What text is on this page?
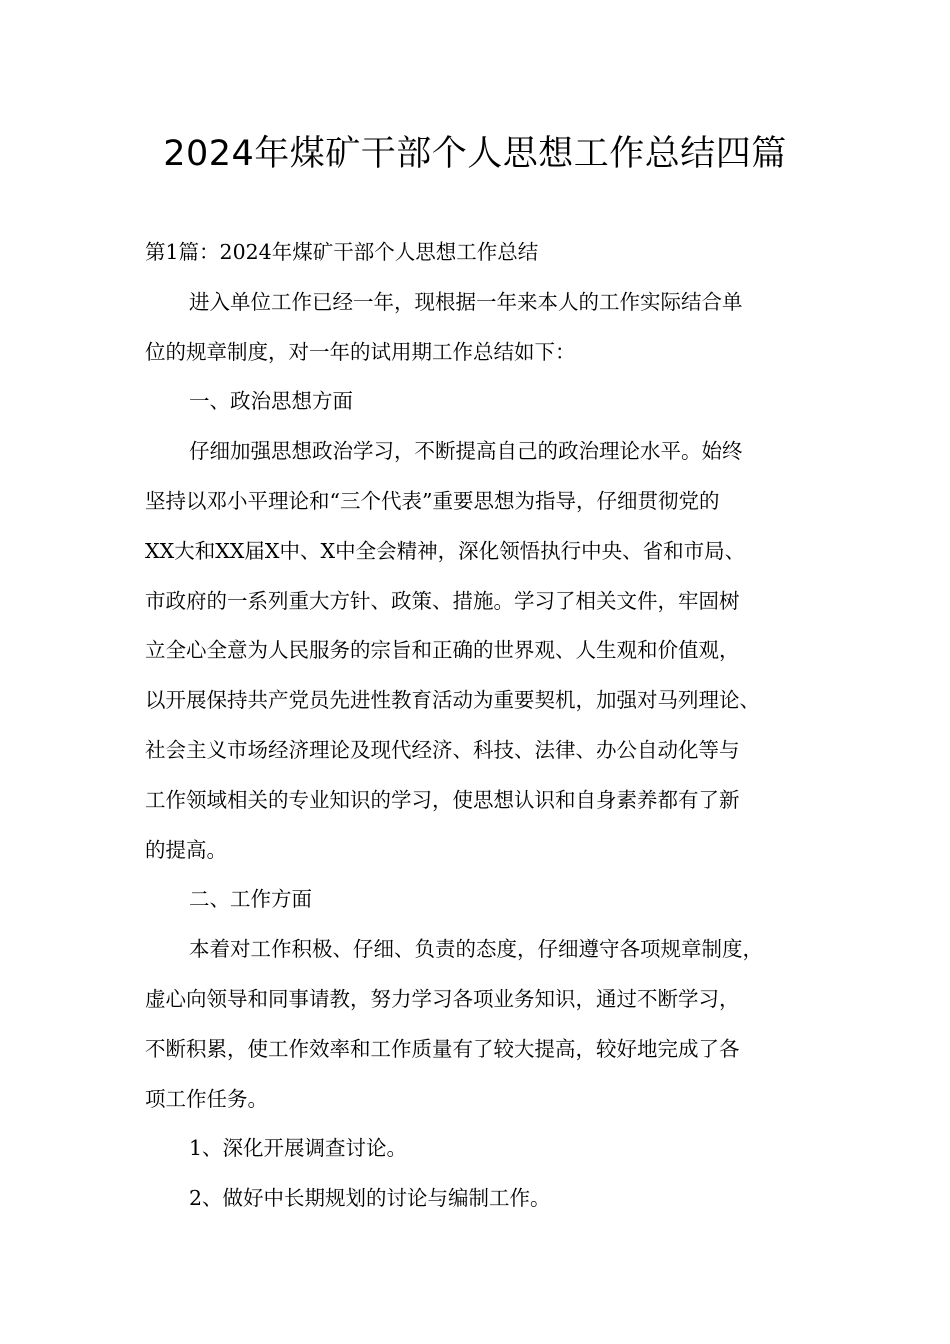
2024年煤矿干部个人思想工作总结四篇
第1篇：2024年煤矿干部个人思想工作总结
进入单位工作已经一年，现根据一年来本人的工作实际结合单
位的规章制度，对一年的试用期工作总结如下：
一、政治思想方面
仔细加强思想政治学习，不断提高自己的政治理论水平。始终
坚持以邓小平理论和“三个代表”重要思想为指导，仔细贯彻党的
XX大和XX届X中、X中全会精神，深化领悟执行中央、省和市局、
市政府的一系列重大方针、政策、措施。学习了相关文件，牢固树
立全心全意为人民服务的宗旨和正确的世界观、人生观和价值观，
以开展保持共产党员先进性教育活动为重要契机，加强对马列理论、
社会主义市场经济理论及现代经济、科技、法律、办公自动化等与
工作领域相关的专业知识的学习，使思想认识和自身素养都有了新
的提高。
二、工作方面
本着对工作积极、仔细、负责的态度，仔细遵守各项规章制度，
虚心向领导和同事请教，努力学习各项业务知识，通过不断学习，
不断积累，使工作效率和工作质量有了较大提高，较好地完成了各
项工作任务。
1、深化开展调查讨论。
2、做好中长期规划的讨论与编制工作。
